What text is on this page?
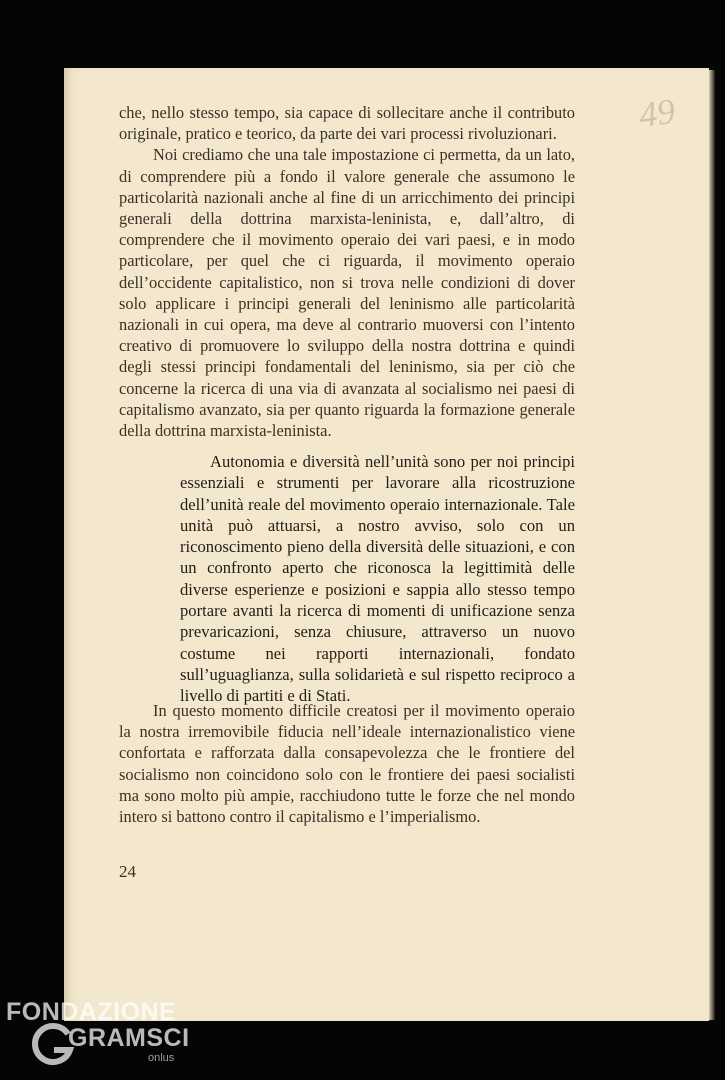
49

che, nello stesso tempo, sia capace di sollecitare anche il contributo originale, pratico e teorico, da parte dei vari processi rivoluzionari.

Noi crediamo che una tale impostazione ci permetta, da un lato, di comprendere più a fondo il valore generale che assumono le particolarità nazionali anche al fine di un arricchimento dei principi generali della dottrina marxista-leninista, e, dall’altro, di comprendere che il movimento operaio dei vari paesi, e in modo particolare, per quel che ci riguarda, il movimento operaio dell’occidente capitalistico, non si trova nelle condizioni di dover solo applicare i principi generali del leninismo alle particolarità nazionali in cui opera, ma deve al contrario muoversi con l’intento creativo di promuovere lo sviluppo della nostra dottrina e quindi degli stessi principi fondamentali del leninismo, sia per ciò che concerne la ricerca di una via di avanzata al socialismo nei paesi di capitalismo avanzato, sia per quanto riguarda la formazione generale della dottrina marxista-leninista.

Autonomia e diversità nell’unità sono per noi principi essenziali e strumenti per lavorare alla ricostruzione dell’unità reale del movimento operaio internazionale. Tale unità può attuarsi, a nostro avviso, solo con un riconoscimento pieno della diversità delle situazioni, e con un confronto aperto che riconosca la legittimità delle diverse esperienze e posizioni e sappia allo stesso tempo portare avanti la ricerca di momenti di unificazione senza prevaricazioni, senza chiusure, attraverso un nuovo costume nei rapporti internazionali, fondato sull’uguaglianza, sulla solidarietà e sul rispetto reciproco a livello di partiti e di Stati.

In questo momento difficile creatosi per il movimento operaio la nostra irremovibile fiducia nell’ideale internazionalistico viene confortata e rafforzata dalla consapevolezza che le frontiere del socialismo non coincidono solo con le frontiere dei paesi socialisti ma sono molto più ampie, racchiudono tutte le forze che nel mondo intero si battono contro il capitalismo e l’imperialismo.

24
FONDAZIONE
GRAMSCI
onlus
